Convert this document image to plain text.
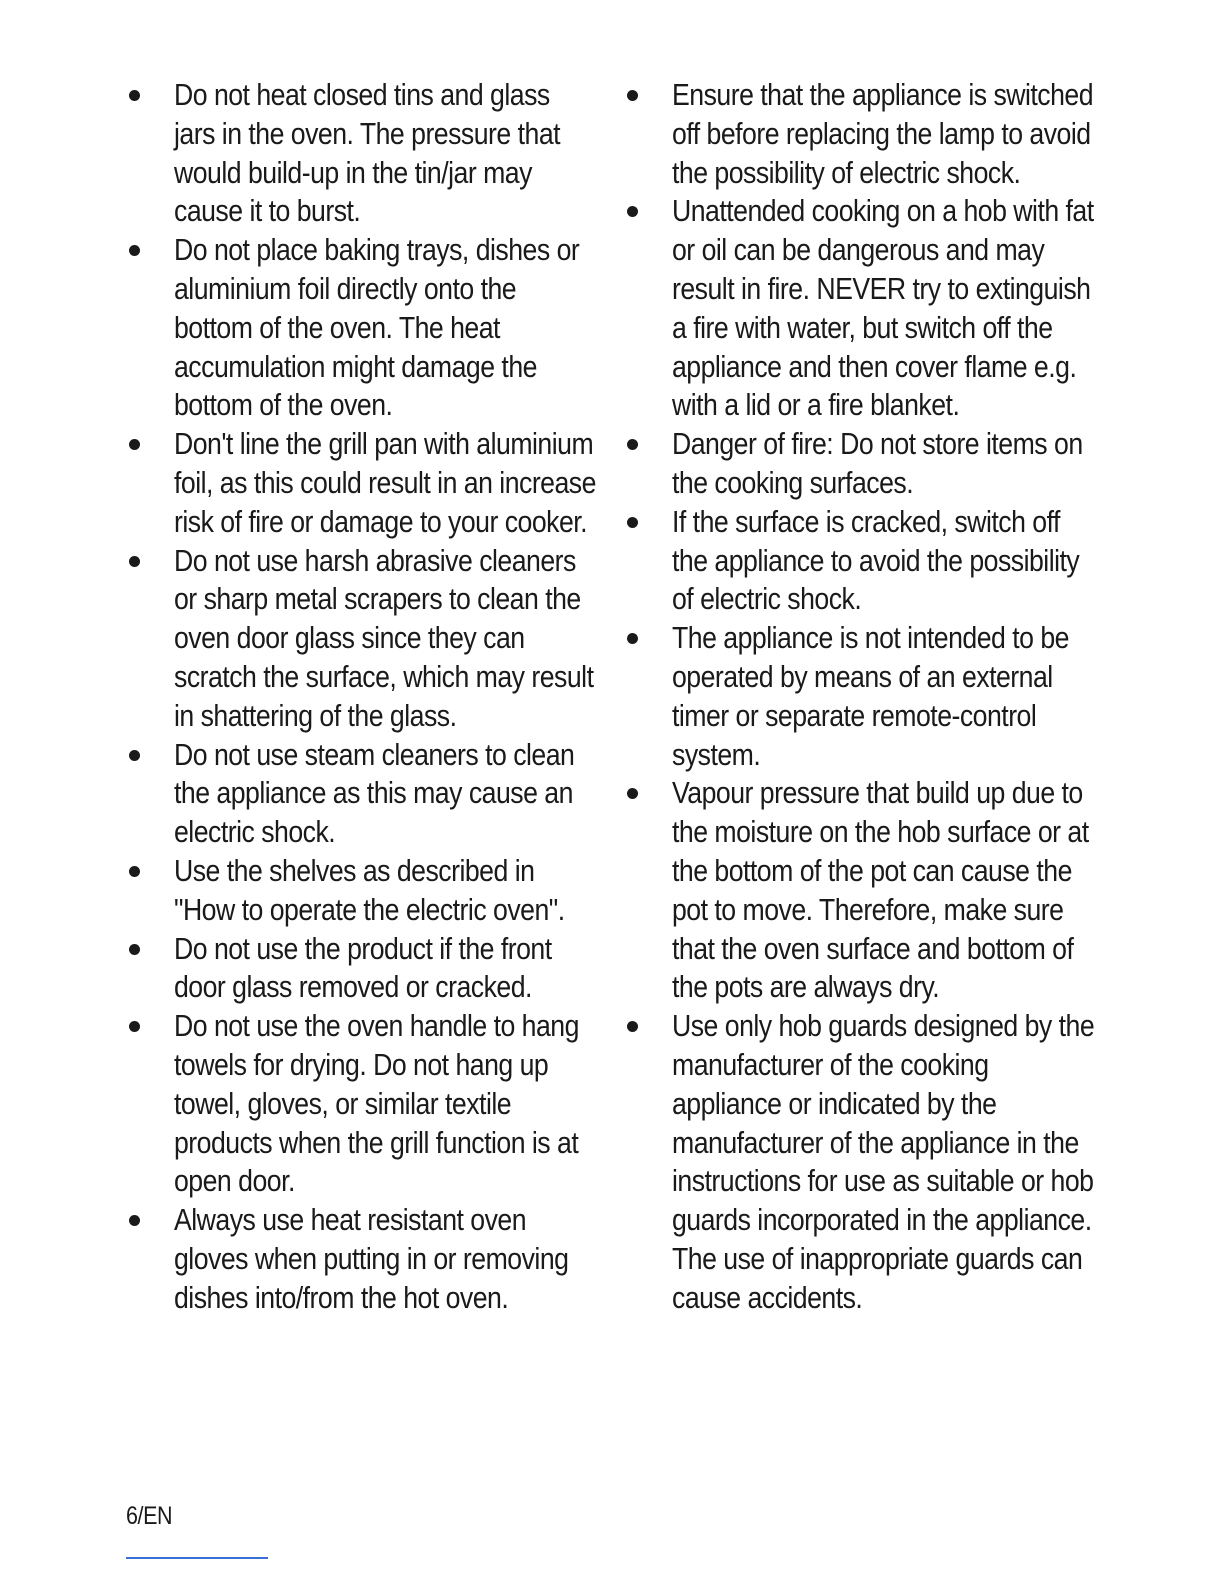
Do not heat closed tins and glass jars in the oven. The pressure that would build-up in the tin/jar may cause it to burst.
Do not place baking trays, dishes or aluminium foil directly onto the bottom of the oven. The heat accumulation might damage the bottom of the oven.
Don't line the grill pan with aluminium foil, as this could result in an increase risk of fire or damage to your cooker.
Do not use harsh abrasive cleaners or sharp metal scrapers to clean the oven door glass since they can scratch the surface, which may result in shattering of the glass.
Do not use steam cleaners to clean the appliance as this may cause an electric shock.
Use the shelves as described in "How to operate the electric oven".
Do not use the product if the front door glass removed or cracked.
Do not use the oven handle to hang towels for drying. Do not hang up towel, gloves, or similar textile products when the grill function is at open door.
Always use heat resistant oven gloves when putting in or removing dishes into/from the hot oven.
Ensure that the appliance is switched off before replacing the lamp to avoid the possibility of electric shock.
Unattended cooking on a hob with fat or oil can be dangerous and may result in fire. NEVER try to extinguish a fire with water, but switch off the appliance and then cover flame e.g. with a lid or a fire blanket.
Danger of fire: Do not store items on the cooking surfaces.
If the surface is cracked, switch off the appliance to avoid the possibility of electric shock.
The appliance is not intended to be operated by means of an external timer or separate remote-control system.
Vapour pressure that build up due to the moisture on the hob surface or at the bottom of the pot can cause the pot to move. Therefore, make sure that the oven surface and bottom of the pots are always dry.
Use only hob guards designed by the manufacturer of the cooking appliance or indicated by the manufacturer of the appliance in the instructions for use as suitable or hob guards incorporated in the appliance. The use of inappropriate guards can cause accidents.
6/EN
